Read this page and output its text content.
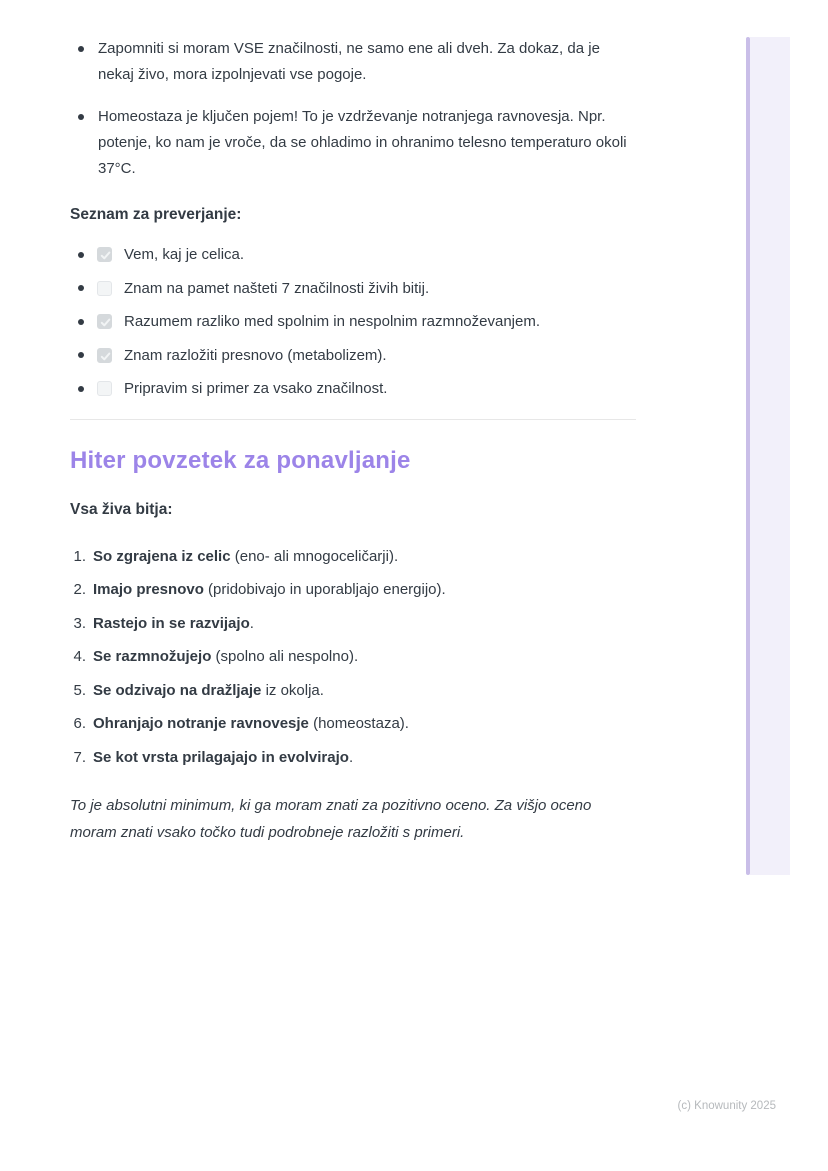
Zapomniti si moram VSE značilnosti, ne samo ene ali dveh. Za dokaz, da je nekaj živo, mora izpolnjevati vse pogoje.
Homeostaza je ključen pojem! To je vzdrževanje notranjega ravnovesja. Npr. potenje, ko nam je vroče, da se ohladimo in ohranimo telesno temperaturo okoli 37°C.
Seznam za preverjanje:
Vem, kaj je celica.
Znam na pamet našteti 7 značilnosti živih bitij.
Razumem razliko med spolnim in nespolnim razmnoževanjem.
Znam razložiti presnovo (metabolizem).
Pripravim si primer za vsako značilnost.
Hiter povzetek za ponavljanje
Vsa živa bitja:
1. So zgrajena iz celic (eno- ali mnogoceličarji).
2. Imajo presnovo (pridobivajo in uporabljajo energijo).
3. Rastejo in se razvijajo.
4. Se razmnožujejo (spolno ali nespolno).
5. Se odzivajo na dražljaje iz okolja.
6. Ohranjajo notranje ravnovesje (homeostaza).
7. Se kot vrsta prilagajajo in evolvirajo.
To je absolutni minimum, ki ga moram znati za pozitivno oceno. Za višjo oceno moram znati vsako točko tudi podrobneje razložiti s primeri.
(c) Knowunity 2025
